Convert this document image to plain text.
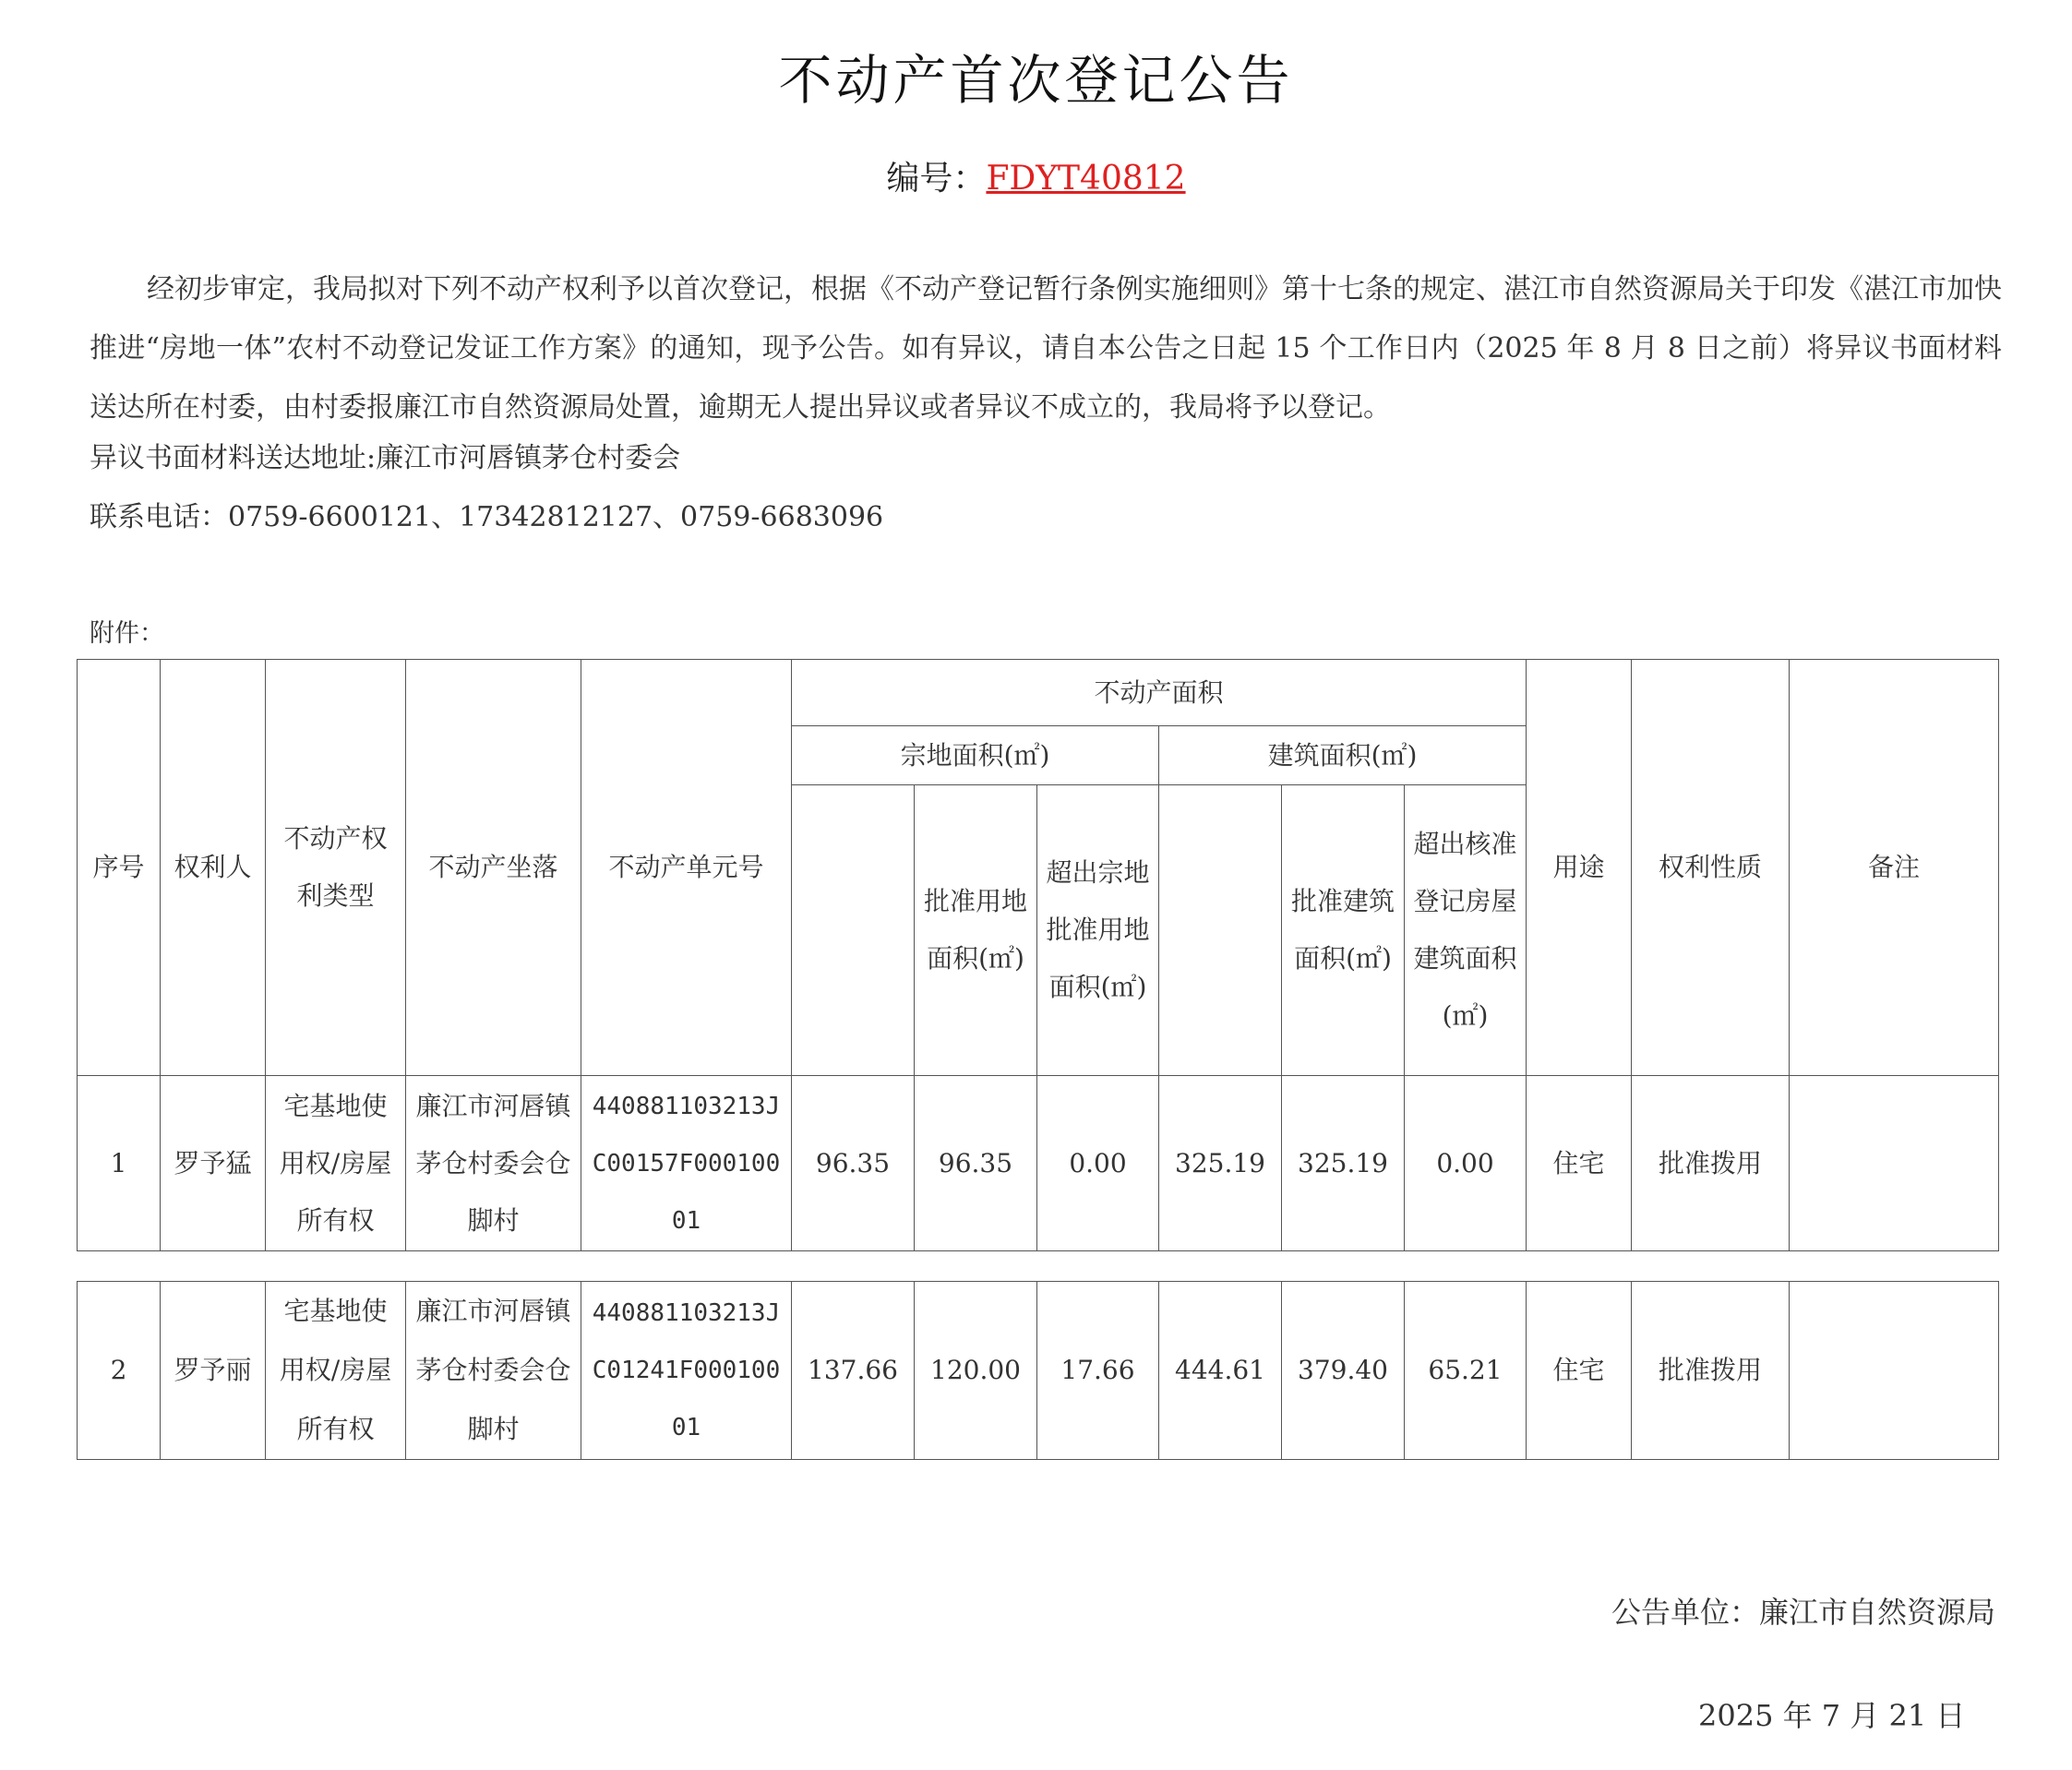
不动产首次登记公告
编号：FDYT40812
经初步审定，我局拟对下列不动产权利予以首次登记，根据《不动产登记暂行条例实施细则》第十七条的规定、湛江市自然资源局关于印发《湛江市加快推进“房地一体”农村不动登记发证工作方案》的通知，现予公告。如有异议，请自本公告之日起 15 个工作日内（2025 年 8 月 8 日之前）将异议书面材料送达所在村委，由村委报廉江市自然资源局处置，逾期无人提出异议或者异议不成立的，我局将予以登记。
异议书面材料送达地址:廉江市河唇镇茅仓村委会
联系电话：0759-6600121、17342812127、0759-6683096
附件：
序号	权利人	不动产权利类型	不动产坐落	不动产单元号	不动产面积						用途	权利性质	备注
					宗地面积(㎡)			建筑面积(㎡)					
						批准用地面积(㎡)	超出宗地批准用地面积(㎡)		批准建筑面积(㎡)	超出核准登记房屋建筑面积(㎡)			
1	罗予猛	宅基地使用权/房屋所有权	廉江市河唇镇茅仓村委会仓脚村	440881103213JC00157F00010001	96.35	96.35	0.00	325.19	325.19	0.00	住宅	批准拨用	
2	罗予丽	宅基地使用权/房屋所有权	廉江市河唇镇茅仓村委会仓脚村	440881103213JC01241F00010001	137.66	120.00	17.66	444.61	379.40	65.21	住宅	批准拨用	
公告单位：廉江市自然资源局
2025 年 7 月 21 日
